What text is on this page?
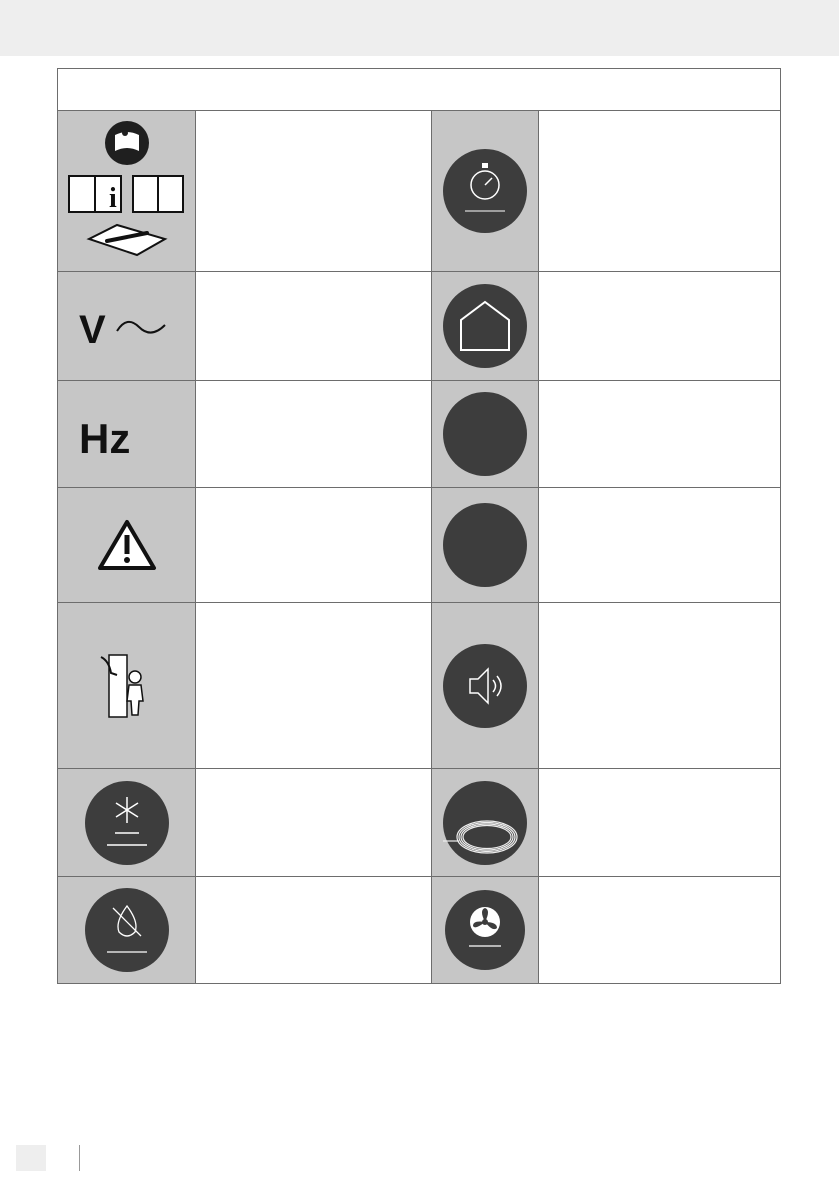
i
V
Hz
